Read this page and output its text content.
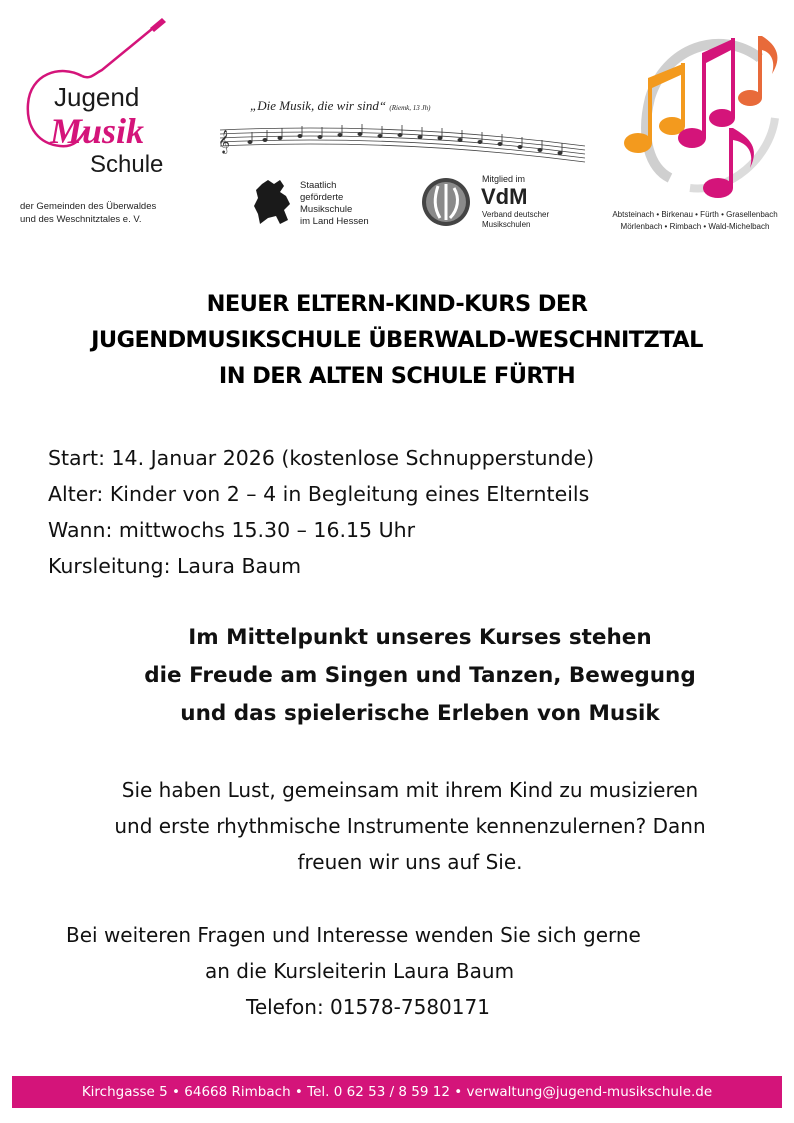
Jugend
Musik
Schule
der Gemeinden des Überwaldes
und des Weschnitztales e. V.
„Die Musik, die wir sind“ (Riemk, 13 Jh)
𝄞
Staatlich
geförderte
Musikschule
im Land Hessen
Mitglied im
VdM
Verband deutscher
Musikschulen
Abtsteinach • Birkenau • Fürth • Grasellenbach
Mörlenbach • Rimbach • Wald-Michelbach
NEUER ELTERN-KIND-KURS DER
JUGENDMUSIKSCHULE ÜBERWALD-WESCHNITZTAL
IN DER ALTEN SCHULE FÜRTH
Start: 14. Januar 2026 (kostenlose Schnupperstunde)
Alter: Kinder von 2 – 4 in Begleitung eines Elternteils
Wann: mittwochs 15.30 – 16.15 Uhr
Kursleitung: Laura Baum
Im Mittelpunkt unseres Kurses stehen
die Freude am Singen und Tanzen, Bewegung
und das spielerische Erleben von Musik
Sie haben Lust, gemeinsam mit ihrem Kind zu musizieren
und erste rhythmische Instrumente kennenzulernen? Dann
freuen wir uns auf Sie.
Bei weiteren Fragen und Interesse wenden Sie sich gerne
an die Kursleiterin Laura Baum
Telefon: 01578-7580171
Kirchgasse 5 • 64668 Rimbach • Tel. 0 62 53 / 8 59 12 • verwaltung@jugend-musikschule.de
